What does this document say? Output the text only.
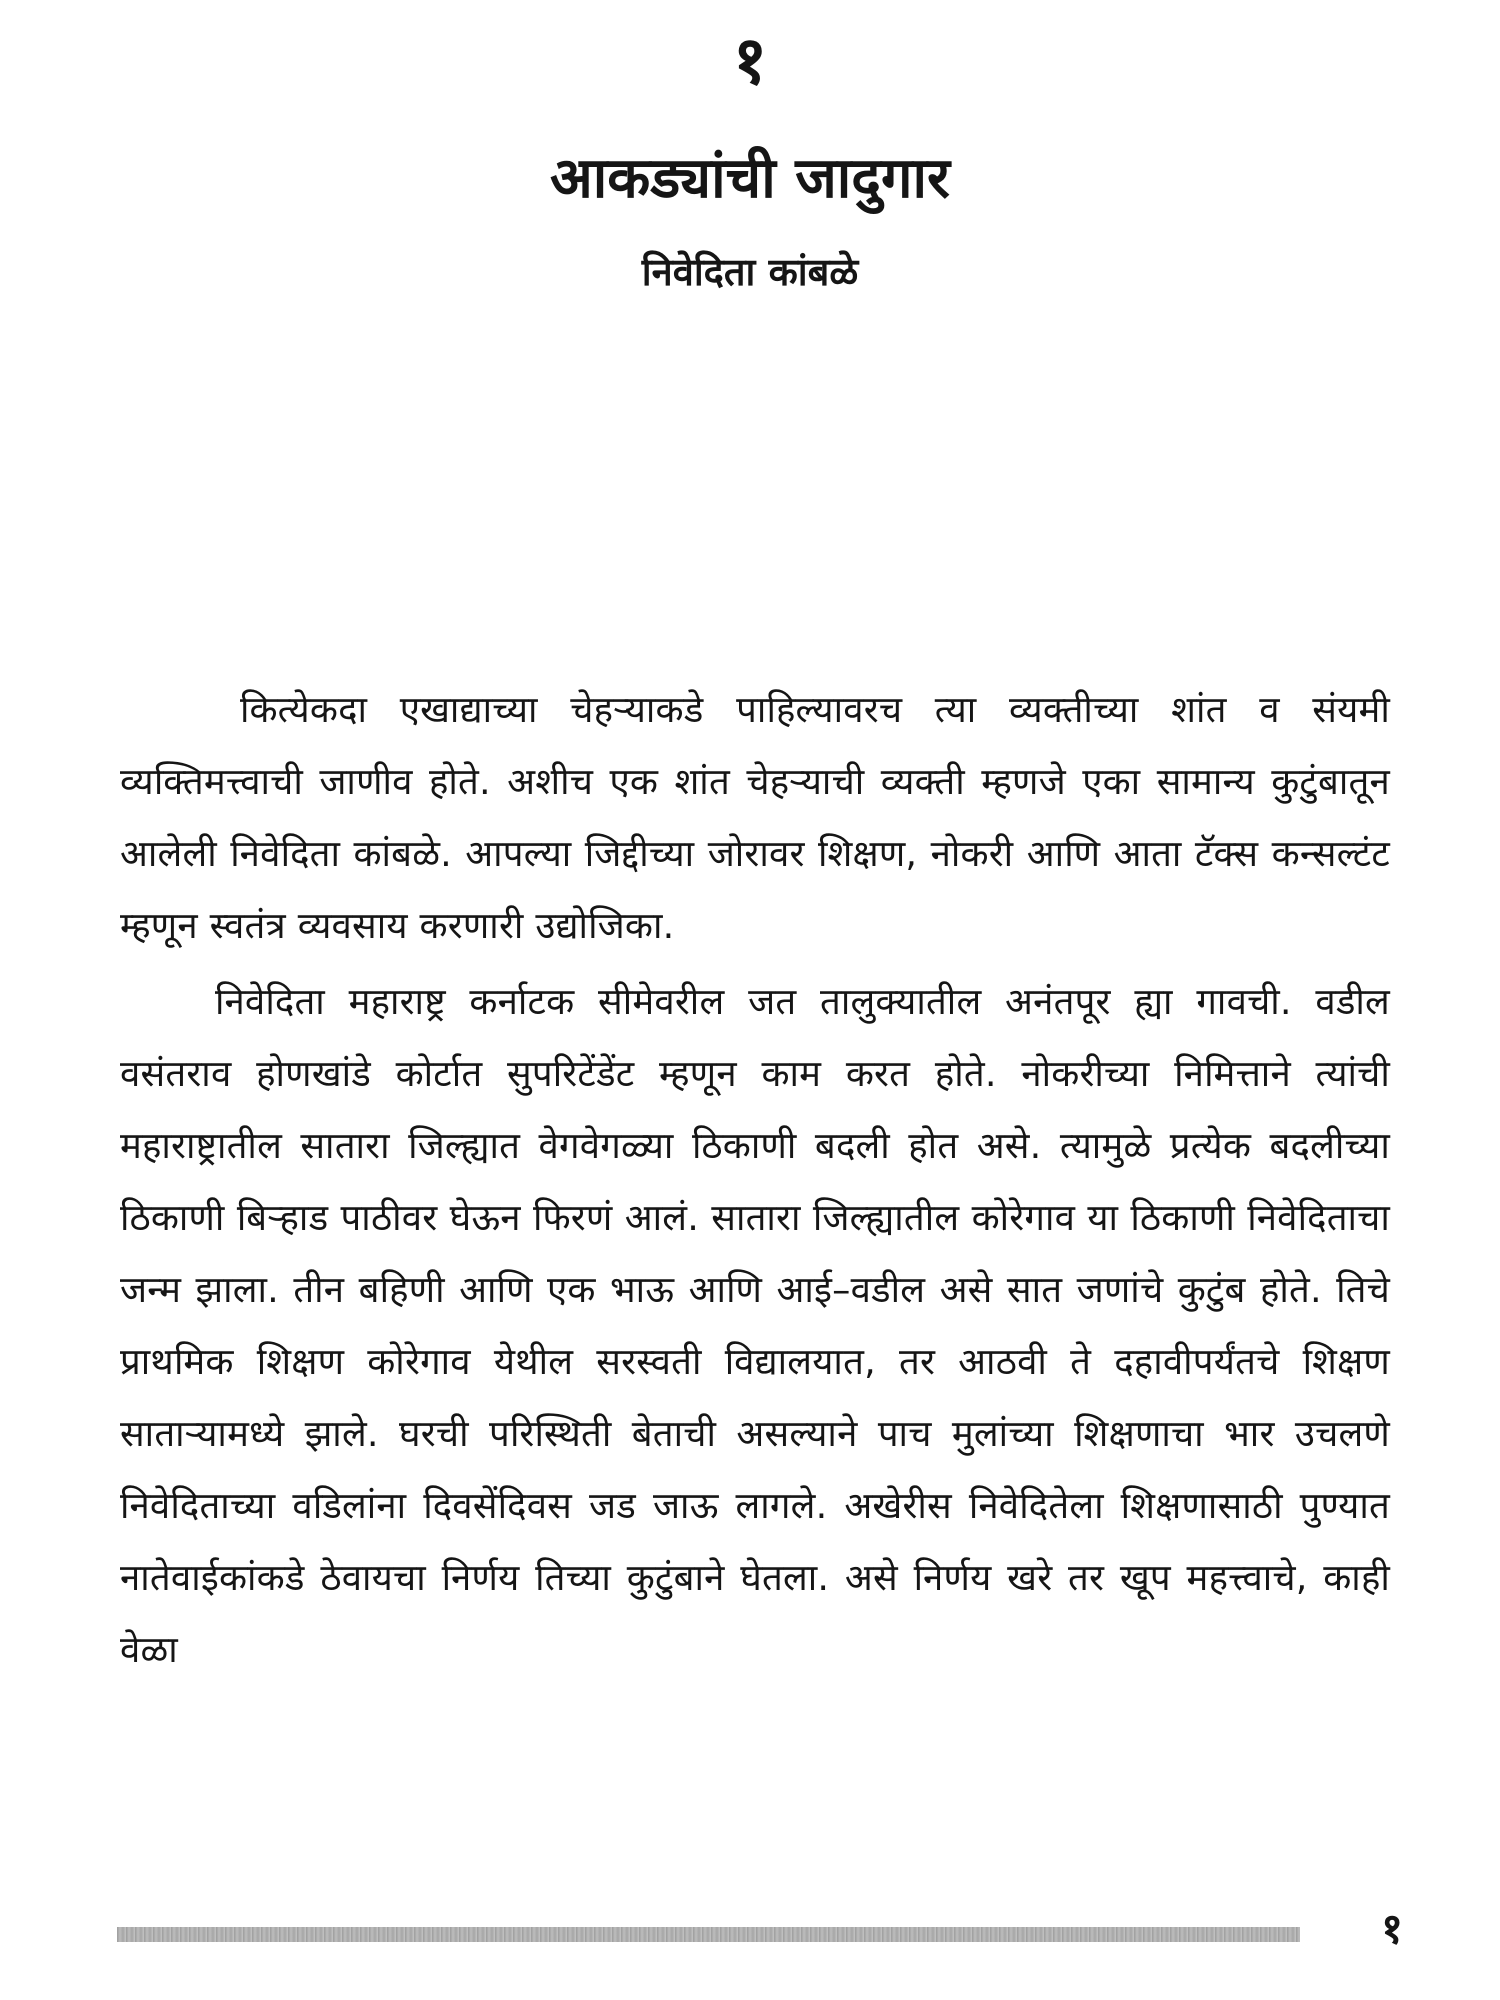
१
आकड्यांची जादुगार
निवेदिता कांबळे

कित्येकदा एखाद्याच्या चेहऱ्याकडे पाहिल्यावरच त्या व्यक्तीच्या शांत व संयमी व्यक्तिमत्त्वाची जाणीव होते. अशीच एक शांत चेहऱ्याची व्यक्ती म्हणजे एका सामान्य कुटुंबातून आलेली निवेदिता कांबळे. आपल्या जिद्दीच्या जोरावर शिक्षण, नोकरी आणि आता टॅक्स कन्सल्टंट म्हणून स्वतंत्र व्यवसाय करणारी उद्योजिका.

निवेदिता महाराष्ट्र कर्नाटक सीमेवरील जत तालुक्यातील अनंतपूर ह्या गावची. वडील वसंतराव होणखांडे कोर्टात सुपरिटेंडेंट म्हणून काम करत होते. नोकरीच्या निमित्ताने त्यांची महाराष्ट्रातील सातारा जिल्ह्यात वेगवेगळ्या ठिकाणी बदली होत असे. त्यामुळे प्रत्येक बदलीच्या ठिकाणी बिऱ्हाड पाठीवर घेऊन फिरणं आलं. सातारा जिल्ह्यातील कोरेगाव या ठिकाणी निवेदिताचा जन्म झाला. तीन बहिणी आणि एक भाऊ आणि आई–वडील असे सात जणांचे कुटुंब होते. तिचे प्राथमिक शिक्षण कोरेगाव येथील सरस्वती विद्यालयात, तर आठवी ते दहावीपर्यंतचे शिक्षण साताऱ्यामध्ये झाले. घरची परिस्थिती बेताची असल्याने पाच मुलांच्या शिक्षणाचा भार उचलणे निवेदिताच्या वडिलांना दिवसेंदिवस जड जाऊ लागले. अखेरीस निवेदितेला शिक्षणासाठी पुण्यात नातेवाईकांकडे ठेवायचा निर्णय तिच्या कुटुंबाने घेतला. असे निर्णय खरे तर खूप महत्त्वाचे, काही वेळा

१
